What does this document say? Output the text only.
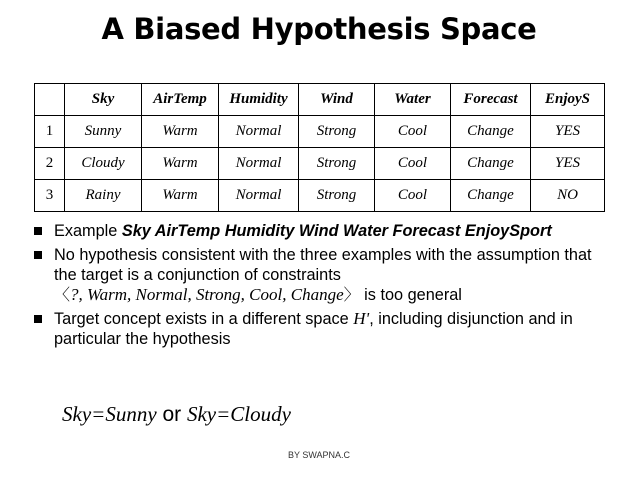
A Biased Hypothesis Space
	Sky	AirTemp	Humidity	Wind	Water	Forecast	EnjoyS
1	Sunny	Warm	Normal	Strong	Cool	Change	YES
2	Cloudy	Warm	Normal	Strong	Cool	Change	YES
3	Rainy	Warm	Normal	Strong	Cool	Change	NO
Example Sky AirTemp Humidity Wind Water Forecast EnjoySport
No hypothesis consistent with the three examples with the assumption that the target is a conjunction of constraints
〈?, Warm, Normal, Strong, Cool, Change〉 is too general
Target concept exists in a different space H', including disjunction and in particular the hypothesis
Sky=Sunny or Sky=Cloudy
BY SWAPNA.C
